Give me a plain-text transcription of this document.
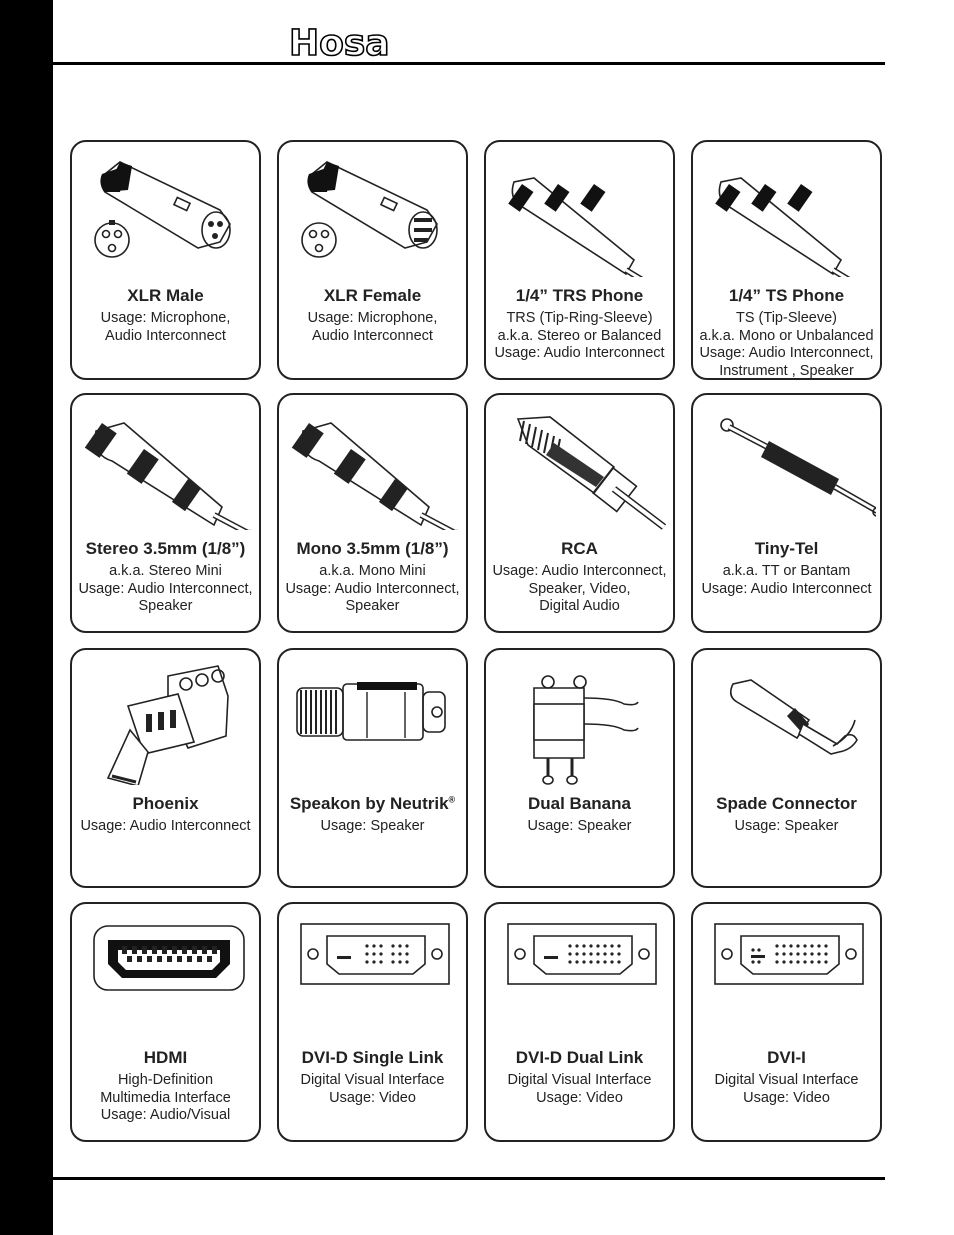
Hosa
XLR Male
Usage: Microphone,
Audio Interconnect
XLR Female
Usage: Microphone,
Audio Interconnect
1/4” TRS Phone
TRS (Tip-Ring-Sleeve)
a.k.a. Stereo or Balanced
Usage: Audio Interconnect
1/4” TS Phone
TS (Tip-Sleeve)
a.k.a. Mono or Unbalanced
Usage: Audio Interconnect,
Instrument , Speaker
Stereo 3.5mm (1/8”)
a.k.a. Stereo Mini
Usage: Audio Interconnect,
Speaker
Mono 3.5mm (1/8”)
a.k.a. Mono Mini
Usage: Audio Interconnect,
Speaker
RCA
Usage: Audio Interconnect,
Speaker, Video,
Digital Audio
Tiny-Tel
a.k.a. TT or Bantam
Usage: Audio Interconnect
Phoenix
Usage: Audio Interconnect
Speakon by Neutrik®
Usage: Speaker
Dual Banana
Usage: Speaker
Spade Connector
Usage: Speaker
HDMI
High-Definition
Multimedia Interface
Usage: Audio/Visual
DVI-D Single Link
Digital Visual Interface
Usage: Video
DVI-D Dual Link
Digital Visual Interface
Usage: Video
DVI-I
Digital Visual Interface
Usage: Video
